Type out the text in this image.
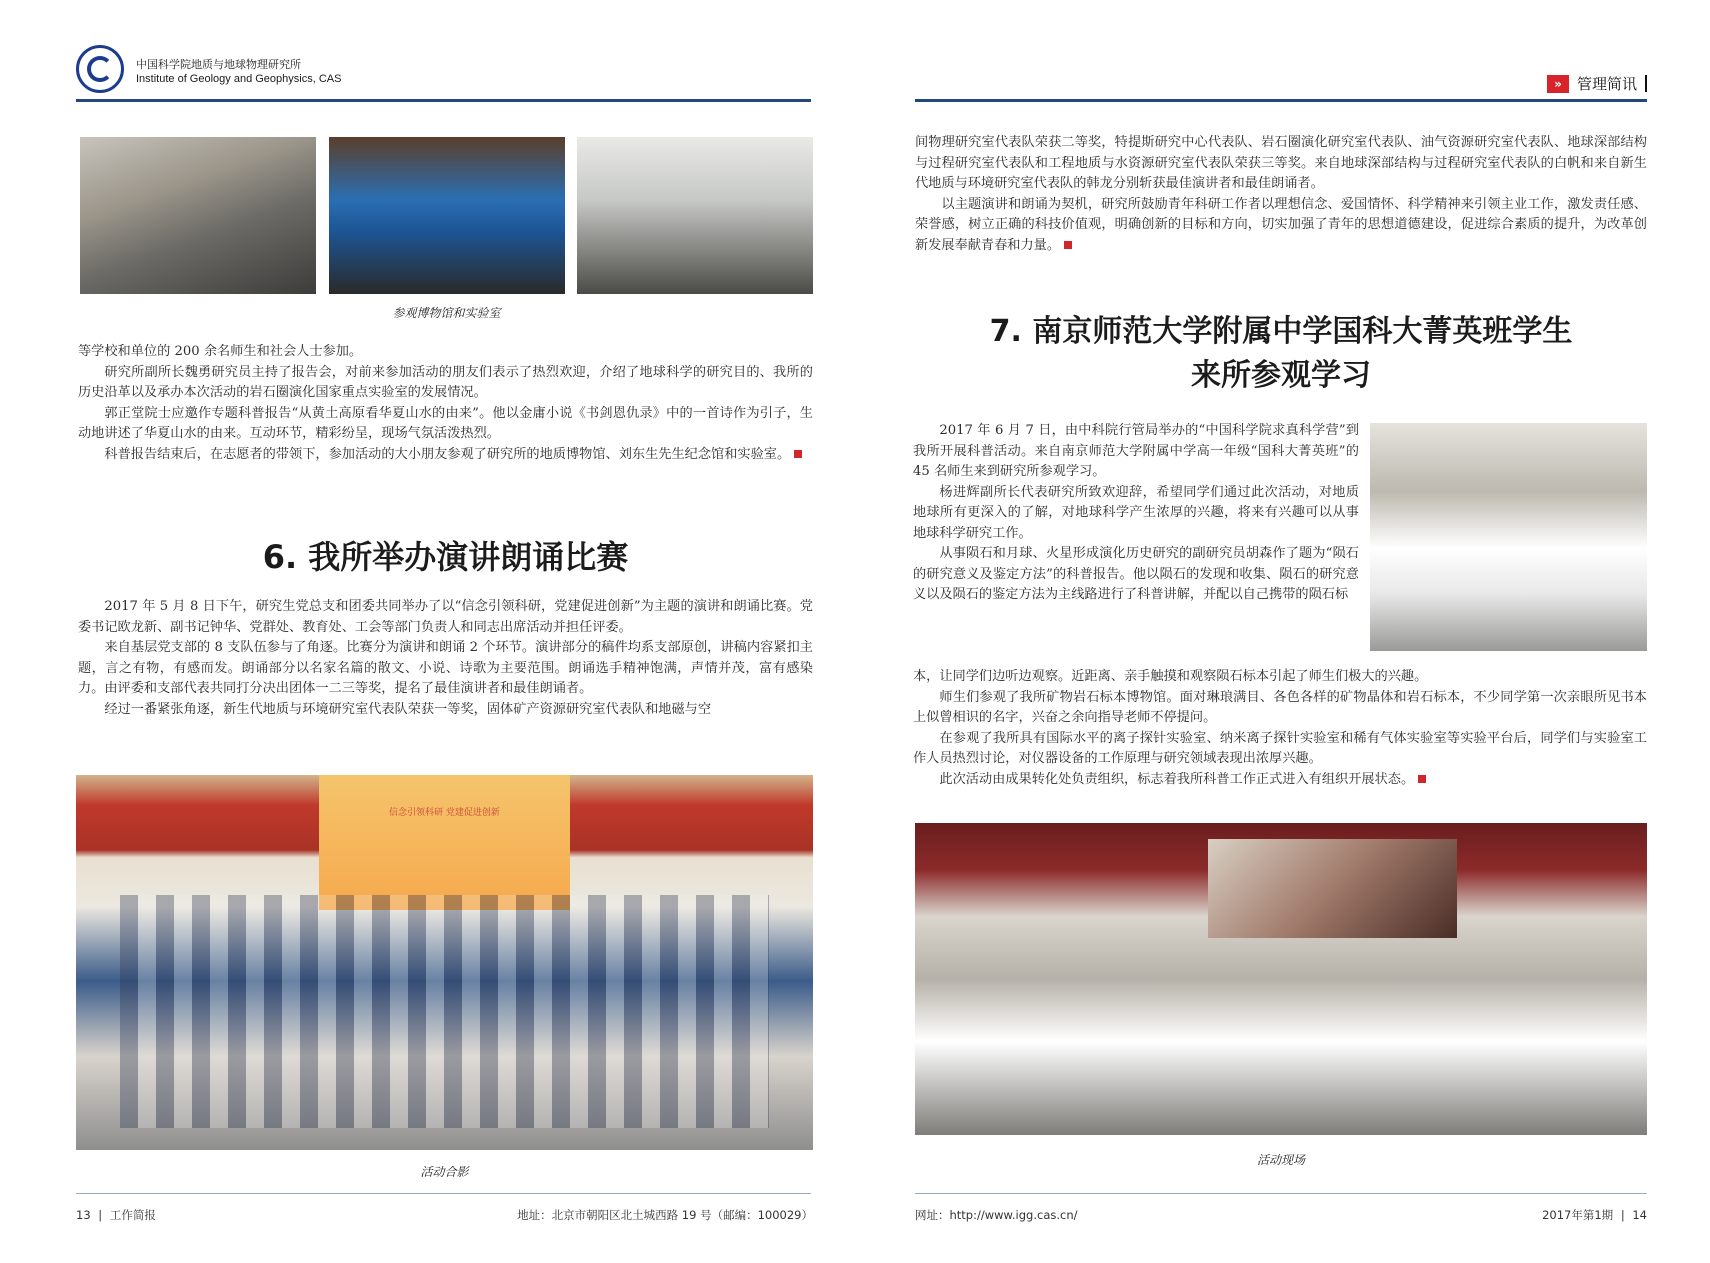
中国科学院地质与地球物理研究所
Institute of Geology and Geophysics, CAS
参观博物馆和实验室

等学校和单位的 200 余名师生和社会人士参加。

研究所副所长魏勇研究员主持了报告会，对前来参加活动的朋友们表示了热烈欢迎，介绍了地球科学的研究目的、我所的历史沿革以及承办本次活动的岩石圈演化国家重点实验室的发展情况。

郭正堂院士应邀作专题科普报告“从黄土高原看华夏山水的由来”。他以金庸小说《书剑恩仇录》中的一首诗作为引子，生动地讲述了华夏山水的由来。互动环节，精彩纷呈，现场气氛活泼热烈。

科普报告结束后，在志愿者的带领下，参加活动的大小朋友参观了研究所的地质博物馆、刘东生先生纪念馆和实验室。

6. 我所举办演讲朗诵比赛

2017 年 5 月 8 日下午，研究生党总支和团委共同举办了以“信念引领科研，党建促进创新”为主题的演讲和朗诵比赛。党委书记欧龙新、副书记钟华、党群处、教育处、工会等部门负责人和同志出席活动并担任评委。

来自基层党支部的 8 支队伍参与了角逐。比赛分为演讲和朗诵 2 个环节。演讲部分的稿件均系支部原创，讲稿内容紧扣主题，言之有物，有感而发。朗诵部分以名家名篇的散文、小说、诗歌为主要范围。朗诵选手精神饱满，声情并茂，富有感染力。由评委和支部代表共同打分决出团体一二三等奖，提名了最佳演讲者和最佳朗诵者。

经过一番紧张角逐，新生代地质与环境研究室代表队荣获一等奖，固体矿产资源研究室代表队和地磁与空

信念引领科研 党建促进创新
活动合影
13 | 工作简报	地址：北京市朝阳区北土城西路 19 号（邮编：100029）
»	管理简讯

间物理研究室代表队荣获二等奖，特提斯研究中心代表队、岩石圈演化研究室代表队、油气资源研究室代表队、地球深部结构与过程研究室代表队和工程地质与水资源研究室代表队荣获三等奖。来自地球深部结构与过程研究室代表队的白帆和来自新生代地质与环境研究室代表队的韩龙分别斩获最佳演讲者和最佳朗诵者。

以主题演讲和朗诵为契机，研究所鼓励青年科研工作者以理想信念、爱国情怀、科学精神来引领主业工作，激发责任感、荣誉感，树立正确的科技价值观，明确创新的目标和方向，切实加强了青年的思想道德建设，促进综合素质的提升，为改革创新发展奉献青春和力量。

7. 南京师范大学附属中学国科大菁英班学生
来所参观学习

2017 年 6 月 7 日，由中科院行管局举办的“中国科学院求真科学营”到我所开展科普活动。来自南京师范大学附属中学高一年级“国科大菁英班”的 45 名师生来到研究所参观学习。

杨进辉副所长代表研究所致欢迎辞，希望同学们通过此次活动，对地质地球所有更深入的了解，对地球科学产生浓厚的兴趣，将来有兴趣可以从事地球科学研究工作。

从事陨石和月球、火星形成演化历史研究的副研究员胡森作了题为“陨石的研究意义及鉴定方法”的科普报告。他以陨石的发现和收集、陨石的研究意义以及陨石的鉴定方法为主线路进行了科普讲解，并配以自己携带的陨石标

本，让同学们边听边观察。近距离、亲手触摸和观察陨石标本引起了师生们极大的兴趣。

师生们参观了我所矿物岩石标本博物馆。面对琳琅满目、各色各样的矿物晶体和岩石标本，不少同学第一次亲眼所见书本上似曾相识的名字，兴奋之余向指导老师不停提问。

在参观了我所具有国际水平的离子探针实验室、纳米离子探针实验室和稀有气体实验室等实验平台后，同学们与实验室工作人员热烈讨论，对仪器设备的工作原理与研究领域表现出浓厚兴趣。

此次活动由成果转化处负责组织，标志着我所科普工作正式进入有组织开展状态。

活动现场
网址：http://www.igg.cas.cn/	2017年第1期 | 14
